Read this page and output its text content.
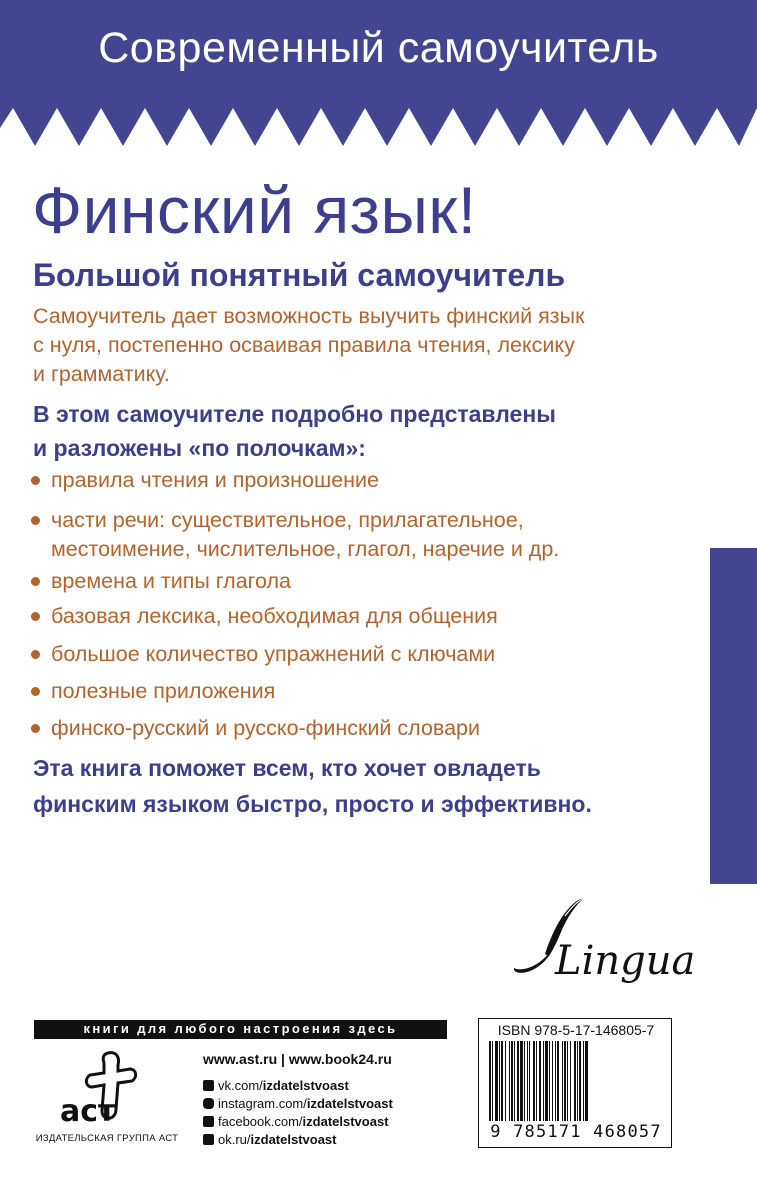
Современный самоучитель
Финский язык!
Большой понятный самоучитель

Самоучитель дает возможность выучить финский язык
с нуля, постепенно осваивая правила чтения, лексику
и грамматику.

В этом самоучителе подробно представлены
и разложены «по полочкам»:

правила чтения и произношение
части речи: существительное, прилагательное,
местоимение, числительное, глагол, наречие и др.
времена и типы глагола
базовая лексика, необходимая для общения
большое количество упражнений с ключами
полезные приложения
финско-русский и русско-финский словари

Эта книга поможет всем, кто хочет овладеть
финским языком быстро, просто и эффективно.

Lingua
книги для любого настроения здесь
аст
ИЗДАТЕЛЬСКАЯ ГРУППА АСТ
www.ast.ru | www.book24.ru
vk.com/izdatelstvoast
instagram.com/izdatelstvoast
facebook.com/izdatelstvoast
ok.ru/izdatelstvoast
ISBN 978-5-17-146805-7
9 785171 468057
